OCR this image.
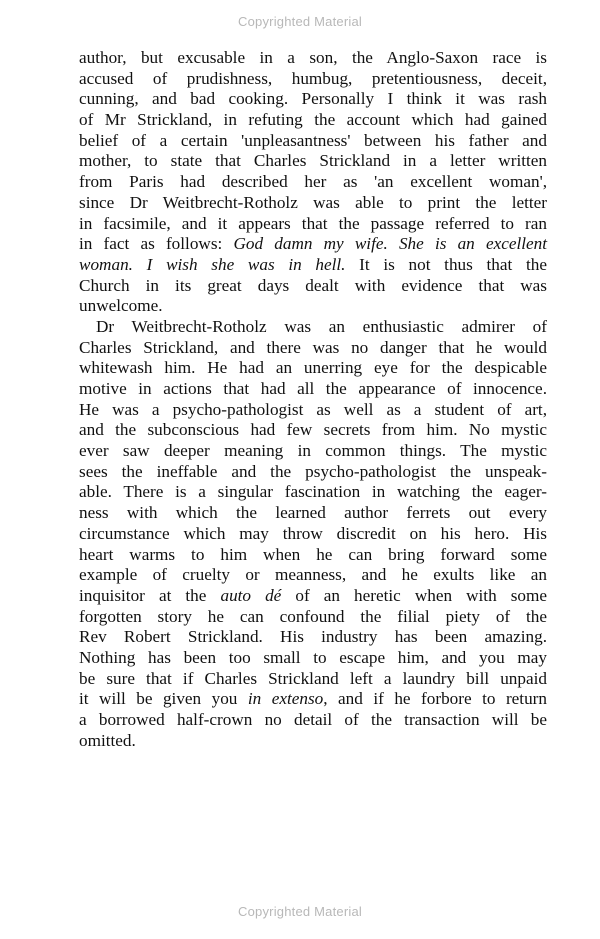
Copyrighted Material
author, but excusable in a son, the Anglo-Saxon race is
accused of prudishness, humbug, pretentiousness, deceit,
cunning, and bad cooking. Personally I think it was rash
of Mr Strickland, in refuting the account which had gained
belief of a certain 'unpleasantness' between his father and
mother, to state that Charles Strickland in a letter written
from Paris had described her as 'an excellent woman',
since Dr Weitbrecht-Rotholz was able to print the letter
in facsimile, and it appears that the passage referred to ran
in fact as follows: God damn my wife. She is an excellent
woman. I wish she was in hell. It is not thus that the
Church in its great days dealt with evidence that was
unwelcome.
Dr Weitbrecht-Rotholz was an enthusiastic admirer of
Charles Strickland, and there was no danger that he would
whitewash him. He had an unerring eye for the despicable
motive in actions that had all the appearance of innocence.
He was a psycho-pathologist as well as a student of art,
and the subconscious had few secrets from him. No mystic
ever saw deeper meaning in common things. The mystic
sees the ineffable and the psycho-pathologist the unspeak-
able. There is a singular fascination in watching the eager-
ness with which the learned author ferrets out every
circumstance which may throw discredit on his hero. His
heart warms to him when he can bring forward some
example of cruelty or meanness, and he exults like an
inquisitor at the auto dé of an heretic when with some
forgotten story he can confound the filial piety of the
Rev Robert Strickland. His industry has been amazing.
Nothing has been too small to escape him, and you may
be sure that if Charles Strickland left a laundry bill unpaid
it will be given you in extenso, and if he forbore to return
a borrowed half-crown no detail of the transaction will be
omitted.
Copyrighted Material
